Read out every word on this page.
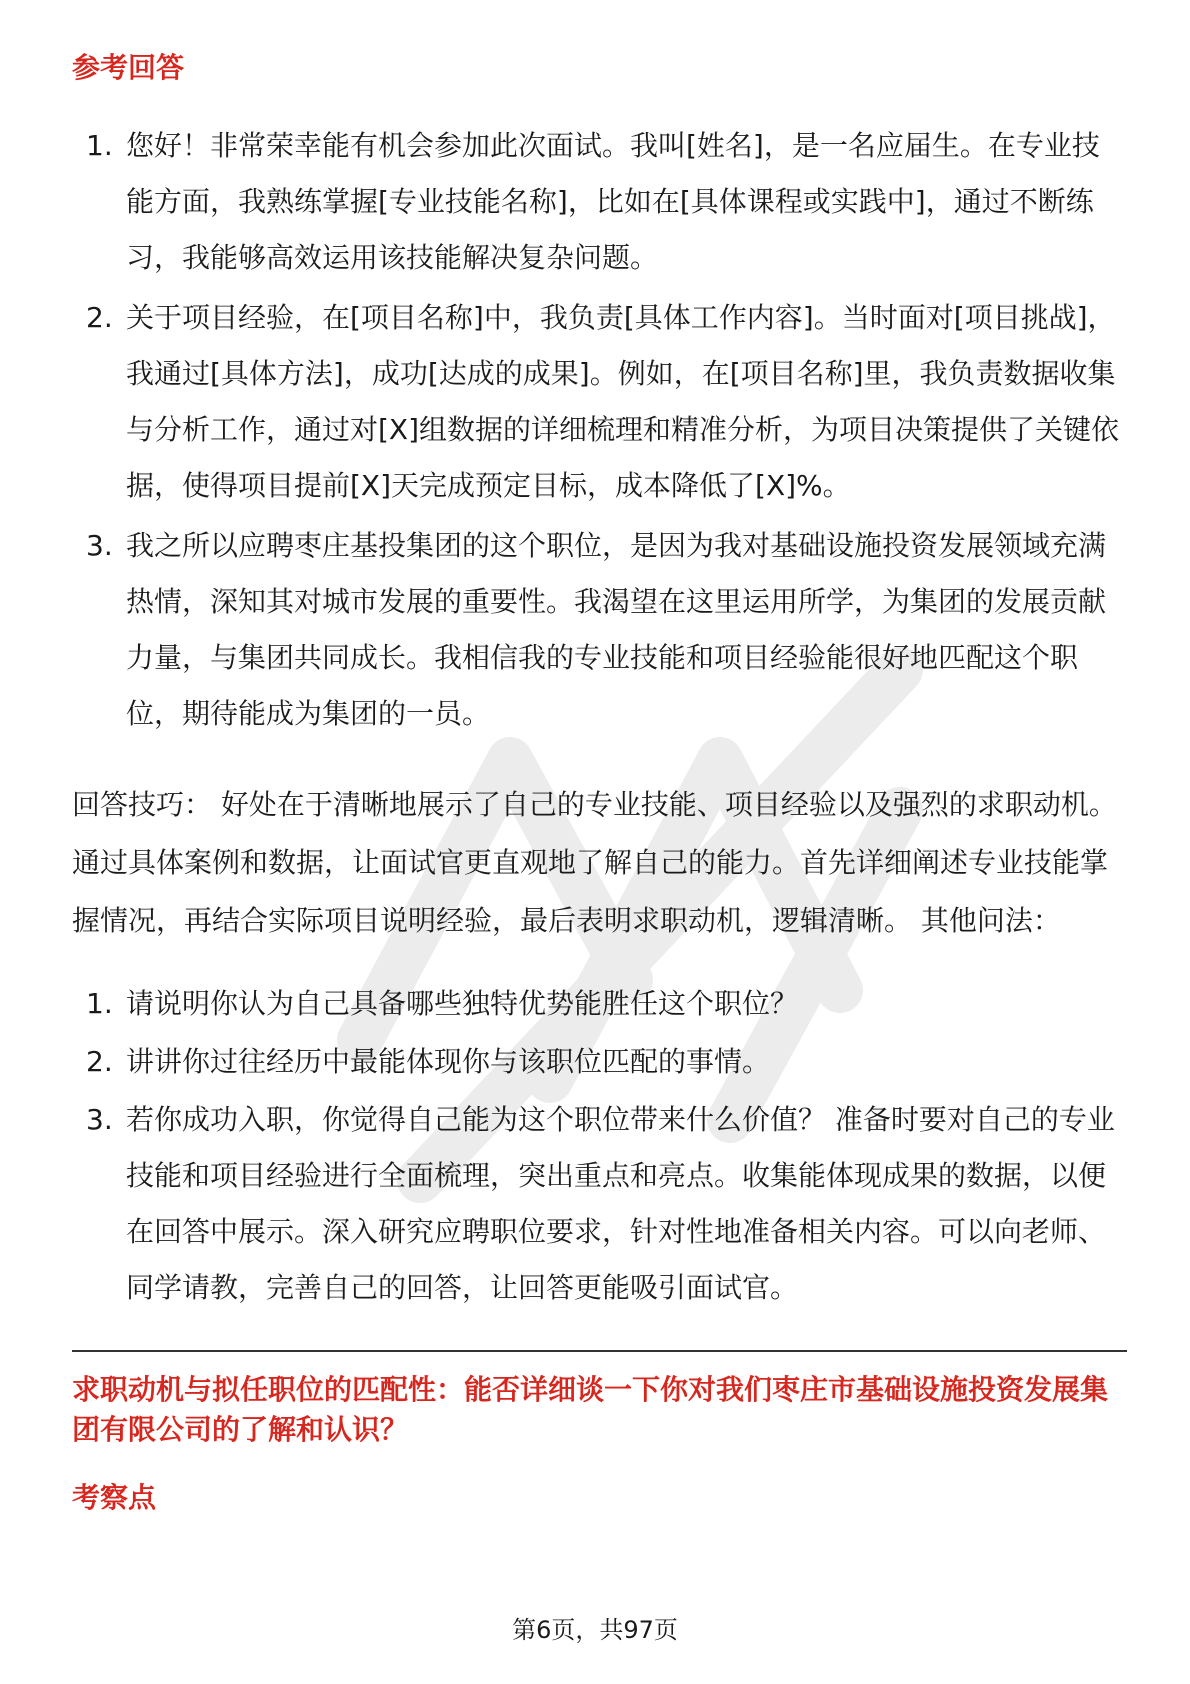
参考回答
1. 您好！非常荣幸能有机会参加此次面试。我叫[姓名]，是一名应届生。在专业技能方面，我熟练掌握[专业技能名称]，比如在[具体课程或实践中]，通过不断练习，我能够高效运用该技能解决复杂问题。
2. 关于项目经验，在[项目名称]中，我负责[具体工作内容]。当时面对[项目挑战]，我通过[具体方法]，成功[达成的成果]。例如，在[项目名称]里，我负责数据收集与分析工作，通过对[X]组数据的详细梳理和精准分析，为项目决策提供了关键依据，使得项目提前[X]天完成预定目标，成本降低了[X]%。
3. 我之所以应聘枣庄基投集团的这个职位，是因为我对基础设施投资发展领域充满热情，深知其对城市发展的重要性。我渴望在这里运用所学，为集团的发展贡献力量，与集团共同成长。我相信我的专业技能和项目经验能很好地匹配这个职位，期待能成为集团的一员。

回答技巧： 好处在于清晰地展示了自己的专业技能、项目经验以及强烈的求职动机。通过具体案例和数据，让面试官更直观地了解自己的能力。首先详细阐述专业技能掌握情况，再结合实际项目说明经验，最后表明求职动机，逻辑清晰。 其他问法：

1. 请说明你认为自己具备哪些独特优势能胜任这个职位？
2. 讲讲你过往经历中最能体现你与该职位匹配的事情。
3. 若你成功入职，你觉得自己能为这个职位带来什么价值？ 准备时要对自己的专业技能和项目经验进行全面梳理，突出重点和亮点。收集能体现成果的数据，以便在回答中展示。深入研究应聘职位要求，针对性地准备相关内容。可以向老师、同学请教，完善自己的回答，让回答更能吸引面试官。
求职动机与拟任职位的匹配性：能否详细谈一下你对我们枣庄市基础设施投资发展集团有限公司的了解和认识？
考察点
第6页，共97页
